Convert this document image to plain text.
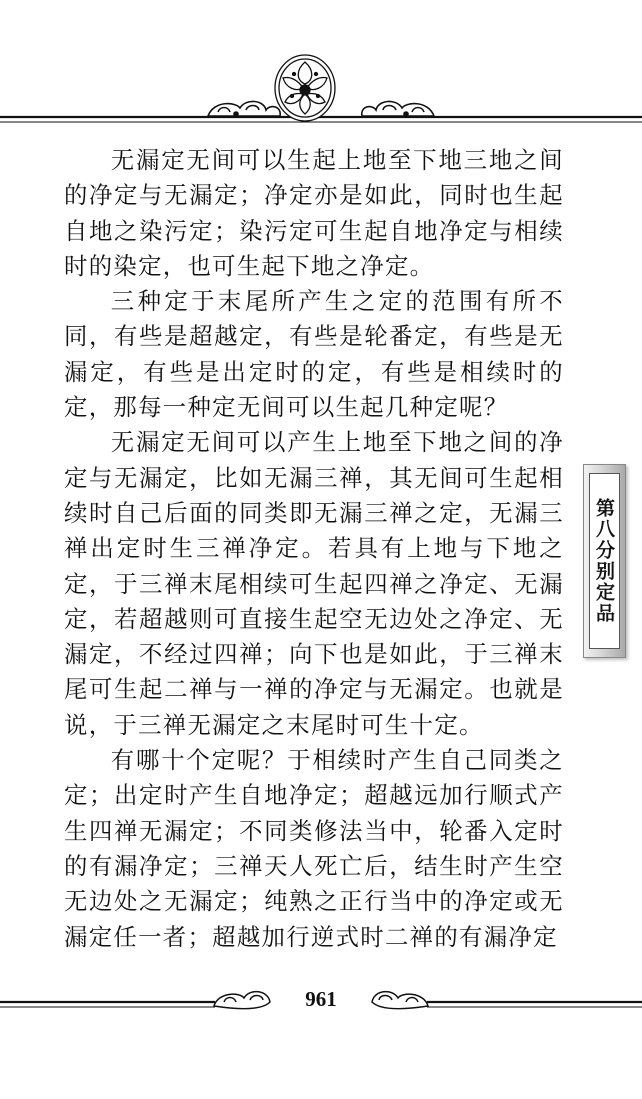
无漏定无间可以生起上地至下地三地之间的净定与无漏定；净定亦是如此，同时也生起自地之染污定；染污定可生起自地净定与相续时的染定，也可生起下地之净定。

三种定于末尾所产生之定的范围有所不同，有些是超越定，有些是轮番定，有些是无漏定，有些是出定时的定，有些是相续时的定，那每一种定无间可以生起几种定呢？

无漏定无间可以产生上地至下地之间的净定与无漏定，比如无漏三禅，其无间可生起相续时自己后面的同类即无漏三禅之定，无漏三禅出定时生三禅净定。若具有上地与下地之定，于三禅末尾相续可生起四禅之净定、无漏定，若超越则可直接生起空无边处之净定、无漏定，不经过四禅；向下也是如此，于三禅末尾可生起二禅与一禅的净定与无漏定。也就是说，于三禅无漏定之末尾时可生十定。

有哪十个定呢？于相续时产生自己同类之定；出定时产生自地净定；超越远加行顺式产生四禅无漏定；不同类修法当中，轮番入定时的有漏净定；三禅天人死亡后，结生时产生空无边处之无漏定；纯熟之正行当中的净定或无漏定任一者；超越加行逆式时二禅的有漏净定

第八分别定品
961
